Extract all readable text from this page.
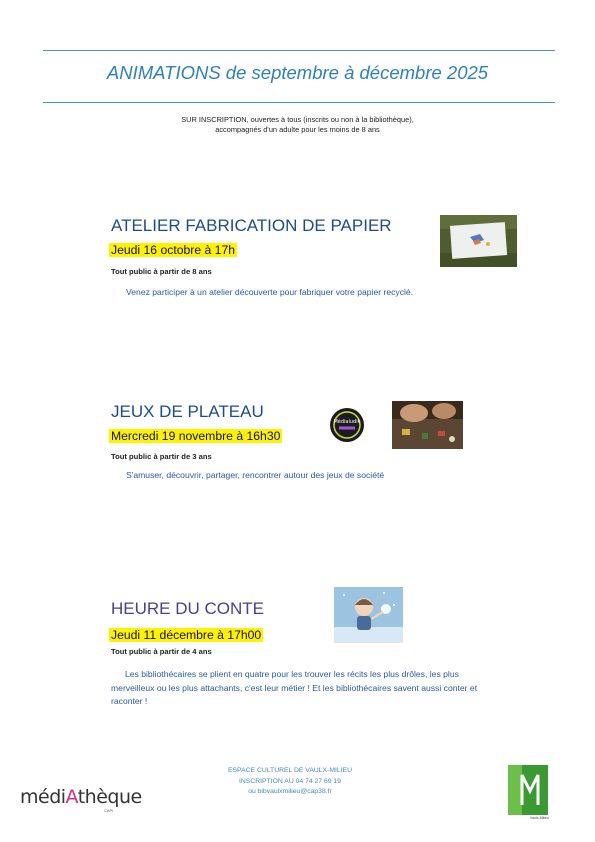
ANIMATIONS de septembre à décembre 2025
SUR INSCRIPTION, ouvertes à tous (inscrits ou non à la bibliothèque),
accompagnés d'un adulte pour les moins de 8 ans
ATELIER FABRICATION DE PAPIER
Jeudi 16 octobre à 17h
Tout public à partir de 8 ans
Venez participer à un atelier découverte pour fabriquer votre papier recyclé.
JEUX DE PLATEAU
Mercredi 19 novembre à 16h30
Tout public à partir de 3 ans
S'amuser, découvrir, partager, rencontrer autour des jeux de société
Médialudik
HEURE DU CONTE
Jeudi 11 décembre à 17h00
Tout public à partir de 4 ans
Les bibliothécaires se plient en quatre pour les trouver les récits les plus drôles, les plus merveilleux ou les plus attachants, c'est leur métier ! Et les bibliothécaires savent aussi conter et raconter !
ESPACE CULTUREL DE VAULX-MILIEU
INSCRIPTION AU 04 74 27 69 19
ou bibvaulxmilieu@cap38.fr
médiAthèque
CAPI
Vaulx-Milieu
